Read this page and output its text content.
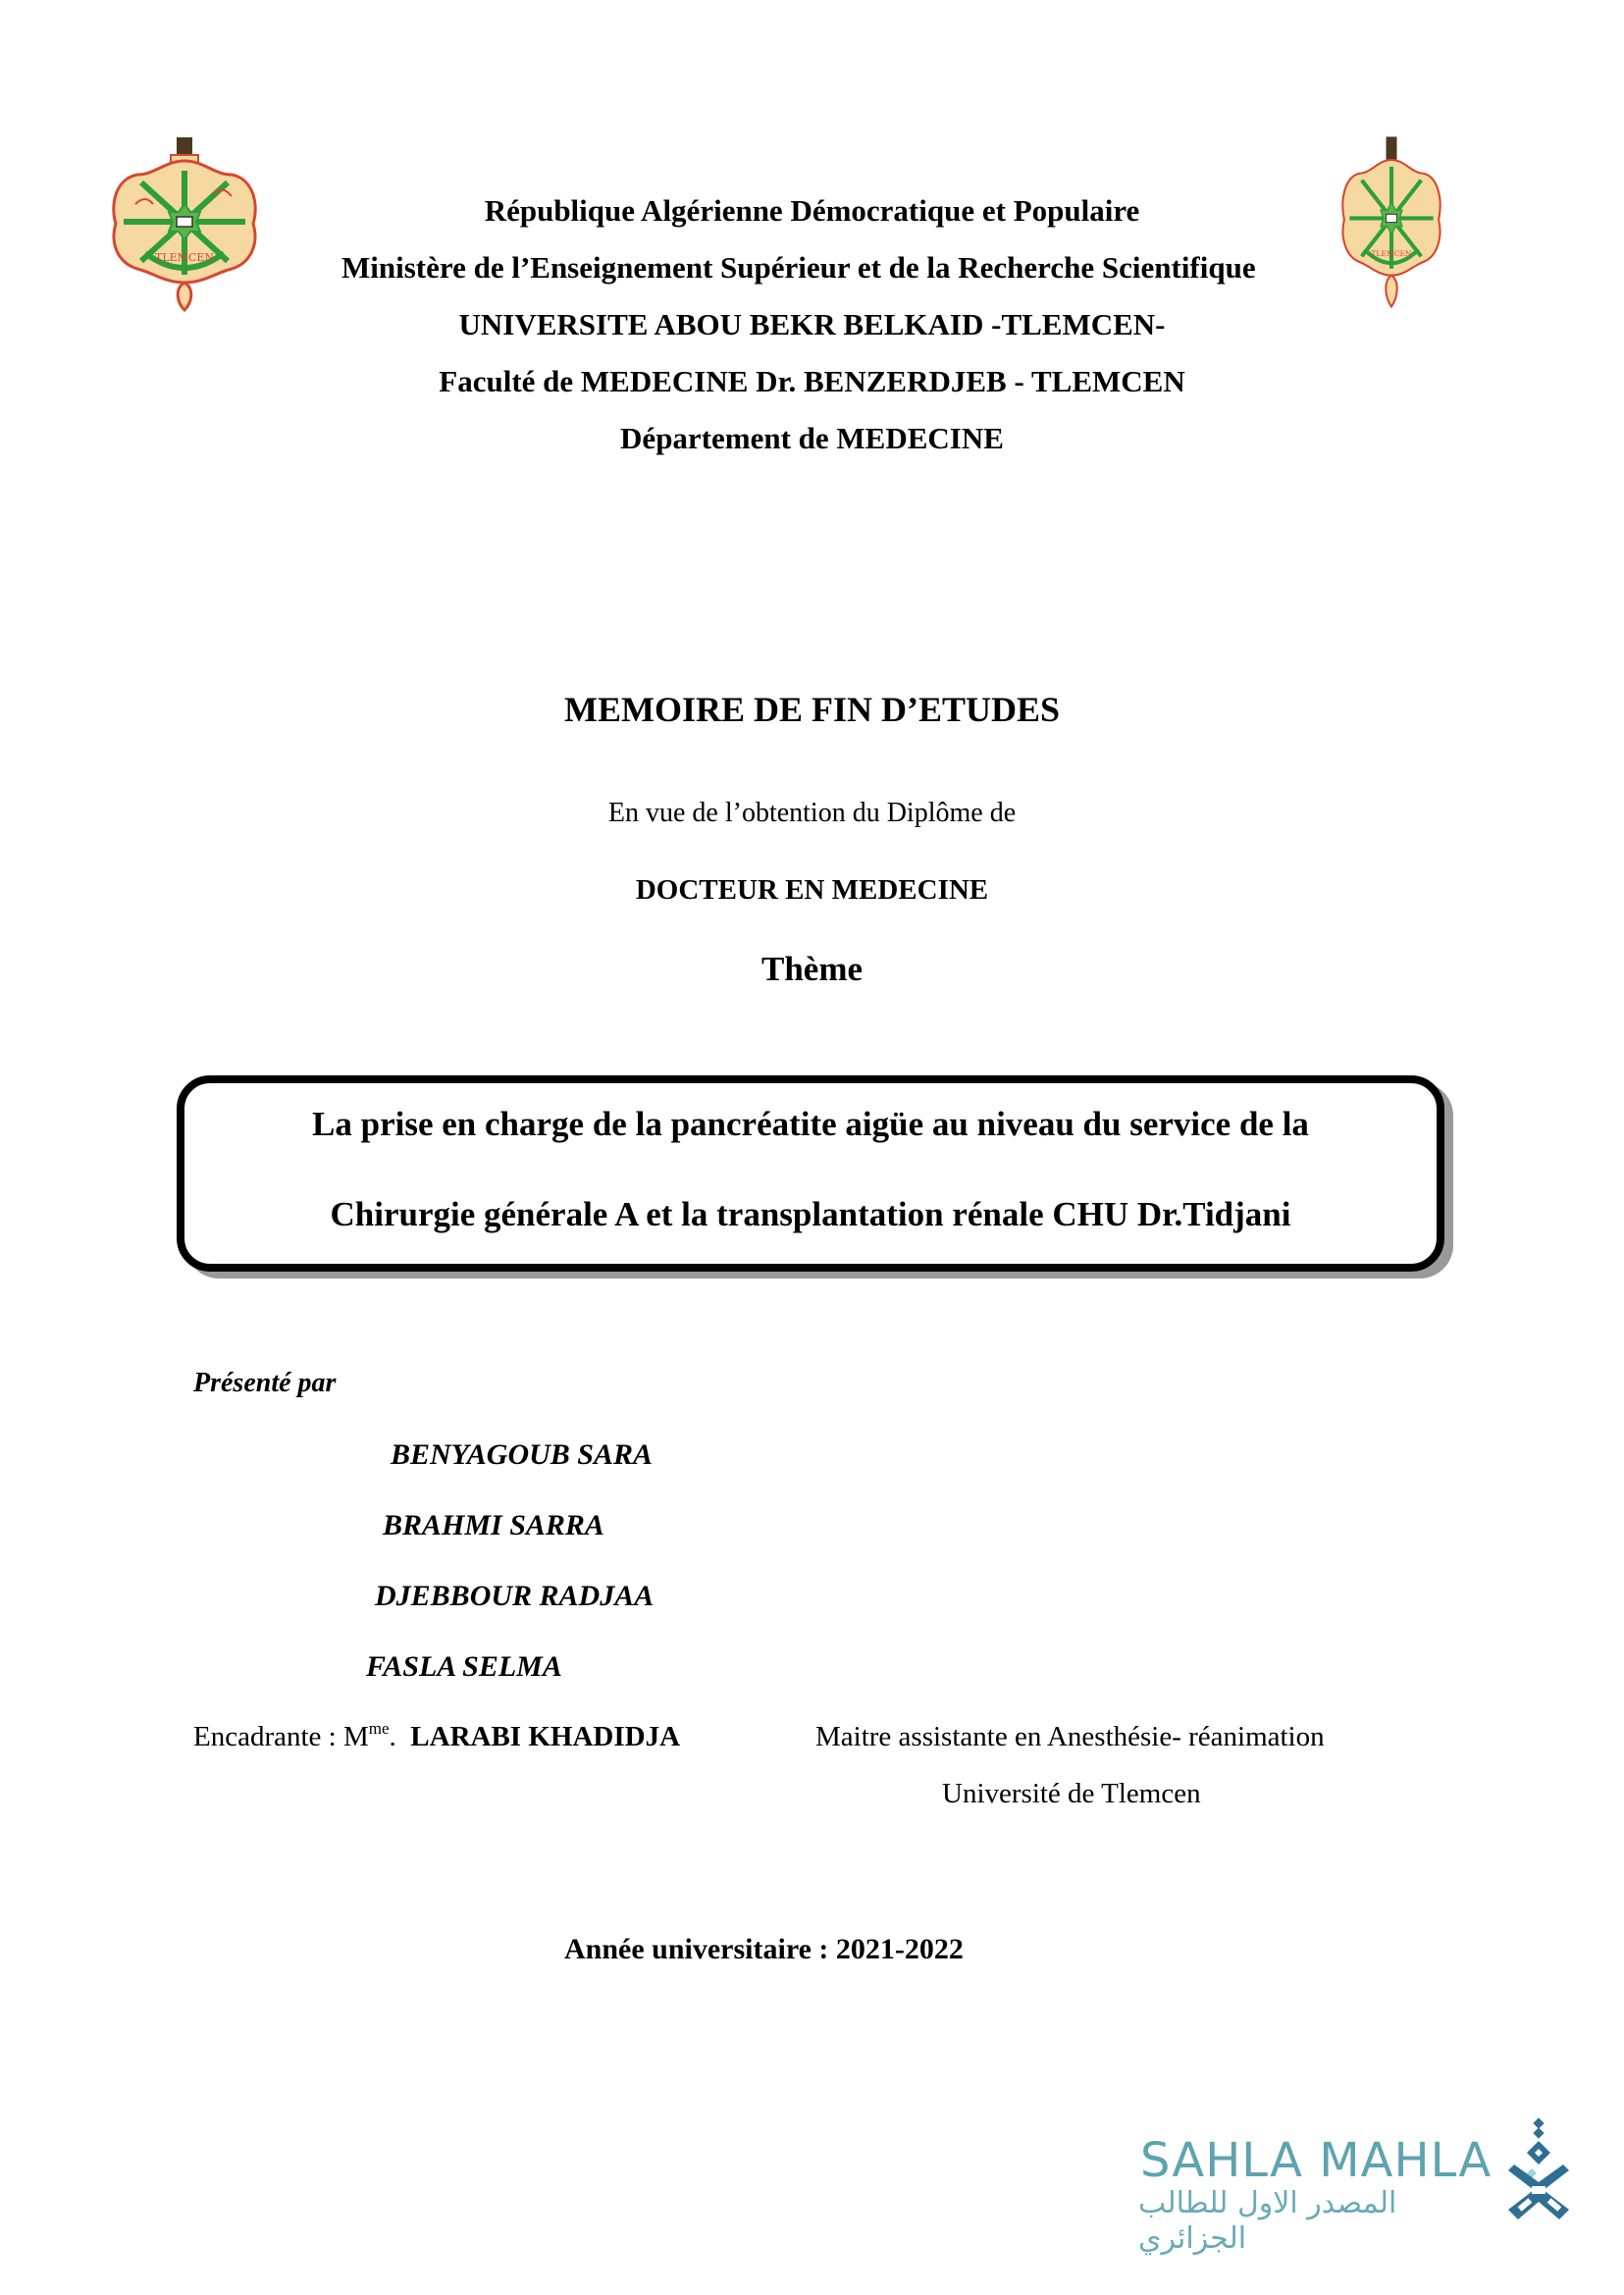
TLEMCEN	TLEMCEN
République Algérienne Démocratique et Populaire
Ministère de l’Enseignement Supérieur et de la Recherche Scientifique
UNIVERSITE ABOU BEKR BELKAID -TLEMCEN-
Faculté de MEDECINE Dr. BENZERDJEB - TLEMCEN
Département de MEDECINE
MEMOIRE DE FIN D’ETUDES
En vue de l’obtention du Diplôme de
DOCTEUR EN MEDECINE
Thème
La prise en charge de la pancréatite aigüe au niveau du service de la
Chirurgie générale A et la transplantation rénale CHU Dr.Tidjani
Présenté par
BENYAGOUB SARA
BRAHMI SARRA
DJEBBOUR RADJAA
FASLA SELMA
Encadrante : $M^{me}$. LARABI KHADIDJA	Maitre assistante en Anesthésie- réanimation
Université de Tlemcen
Année universitaire : 2021-2022
SAHLA MAHLA
المصدر الاول للطالب الجزائري
